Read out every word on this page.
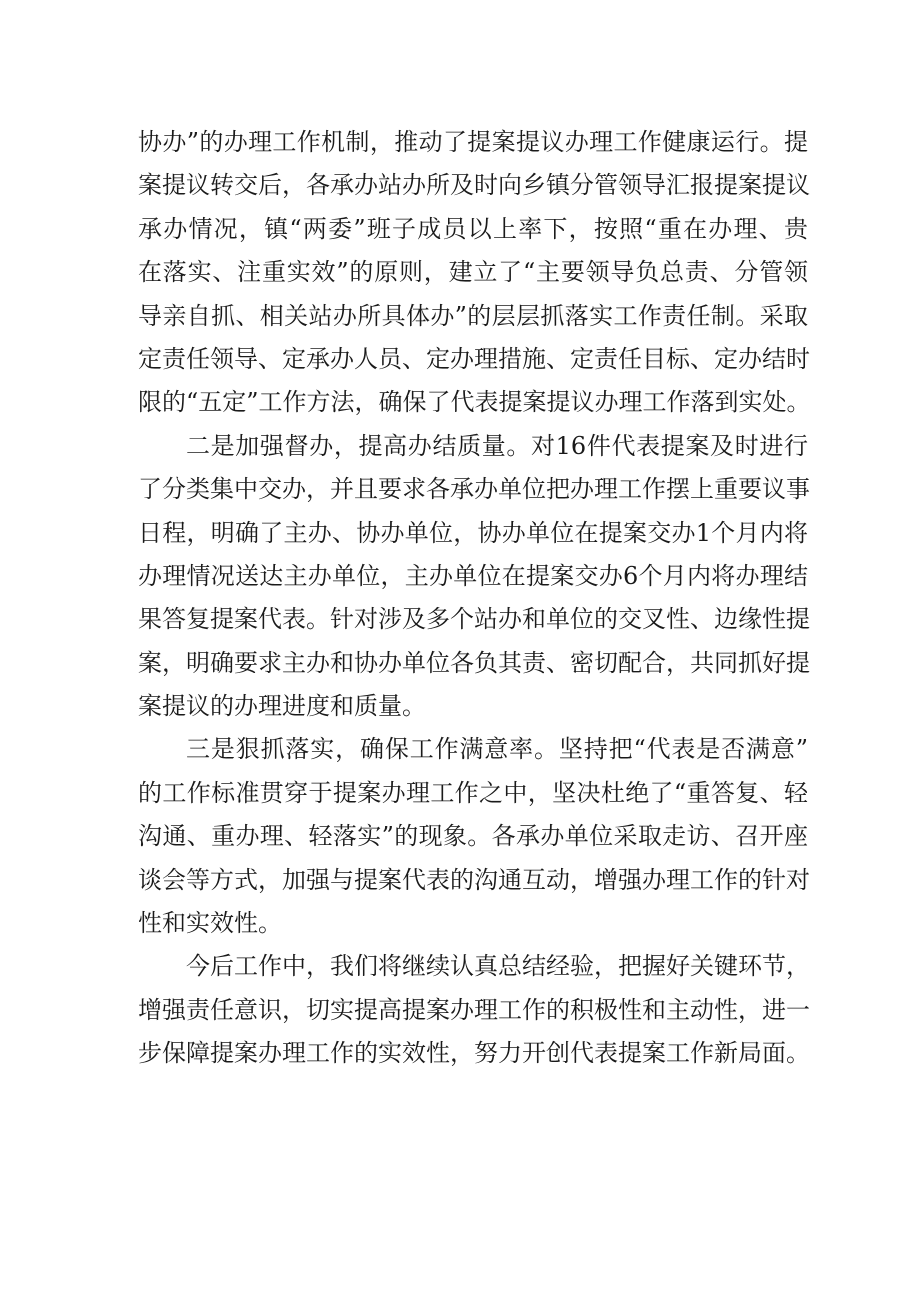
协办”的办理工作机制，推动了提案提议办理工作健康运行。提
案提议转交后，各承办站办所及时向乡镇分管领导汇报提案提议
承办情况，镇“两委”班子成员以上率下，按照“重在办理、贵
在落实、注重实效”的原则，建立了“主要领导负总责、分管领
导亲自抓、相关站办所具体办”的层层抓落实工作责任制。采取
定责任领导、定承办人员、定办理措施、定责任目标、定办结时
限的“五定”工作方法，确保了代表提案提议办理工作落到实处。
二是加强督办，提高办结质量。对16件代表提案及时进行
了分类集中交办，并且要求各承办单位把办理工作摆上重要议事
日程，明确了主办、协办单位，协办单位在提案交办1个月内将
办理情况送达主办单位，主办单位在提案交办6个月内将办理结
果答复提案代表。针对涉及多个站办和单位的交叉性、边缘性提
案，明确要求主办和协办单位各负其责、密切配合，共同抓好提
案提议的办理进度和质量。
三是狠抓落实，确保工作满意率。坚持把“代表是否满意”
的工作标准贯穿于提案办理工作之中，坚决杜绝了“重答复、轻
沟通、重办理、轻落实”的现象。各承办单位采取走访、召开座
谈会等方式，加强与提案代表的沟通互动，增强办理工作的针对
性和实效性。
今后工作中，我们将继续认真总结经验，把握好关键环节，
增强责任意识，切实提高提案办理工作的积极性和主动性，进一
步保障提案办理工作的实效性，努力开创代表提案工作新局面。
